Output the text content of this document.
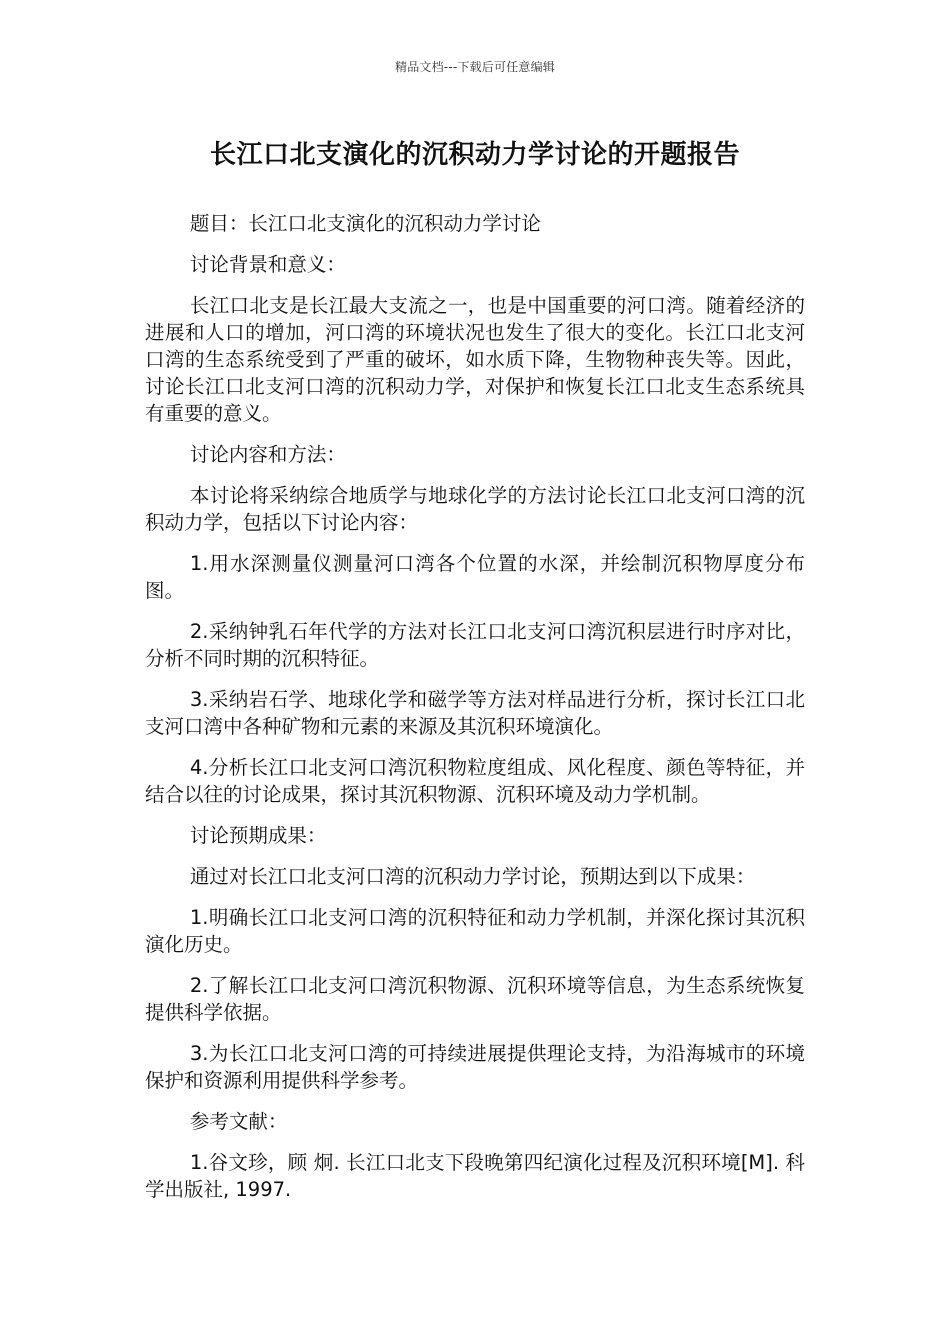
精品文档---下载后可任意编辑
长江口北支演化的沉积动力学讨论的开题报告

题目：长江口北支演化的沉积动力学讨论

讨论背景和意义：

长江口北支是长江最大支流之一，也是中国重要的河口湾。随着经济的进展和人口的增加，河口湾的环境状况也发生了很大的变化。长江口北支河口湾的生态系统受到了严重的破坏，如水质下降，生物物种丧失等。因此，讨论长江口北支河口湾的沉积动力学，对保护和恢复长江口北支生态系统具有重要的意义。

讨论内容和方法：

本讨论将采纳综合地质学与地球化学的方法讨论长江口北支河口湾的沉积动力学，包括以下讨论内容：

1.用水深测量仪测量河口湾各个位置的水深，并绘制沉积物厚度分布图。

2.采纳钟乳石年代学的方法对长江口北支河口湾沉积层进行时序对比，分析不同时期的沉积特征。

3.采纳岩石学、地球化学和磁学等方法对样品进行分析，探讨长江口北支河口湾中各种矿物和元素的来源及其沉积环境演化。

4.分析长江口北支河口湾沉积物粒度组成、风化程度、颜色等特征，并结合以往的讨论成果，探讨其沉积物源、沉积环境及动力学机制。

讨论预期成果：

通过对长江口北支河口湾的沉积动力学讨论，预期达到以下成果：

1.明确长江口北支河口湾的沉积特征和动力学机制，并深化探讨其沉积演化历史。

2.了解长江口北支河口湾沉积物源、沉积环境等信息，为生态系统恢复提供科学依据。

3.为长江口北支河口湾的可持续进展提供理论支持，为沿海城市的环境保护和资源利用提供科学参考。

参考文献：

1.谷文珍，顾 炯. 长江口北支下段晚第四纪演化过程及沉积环境[M]. 科学出版社, 1997.
